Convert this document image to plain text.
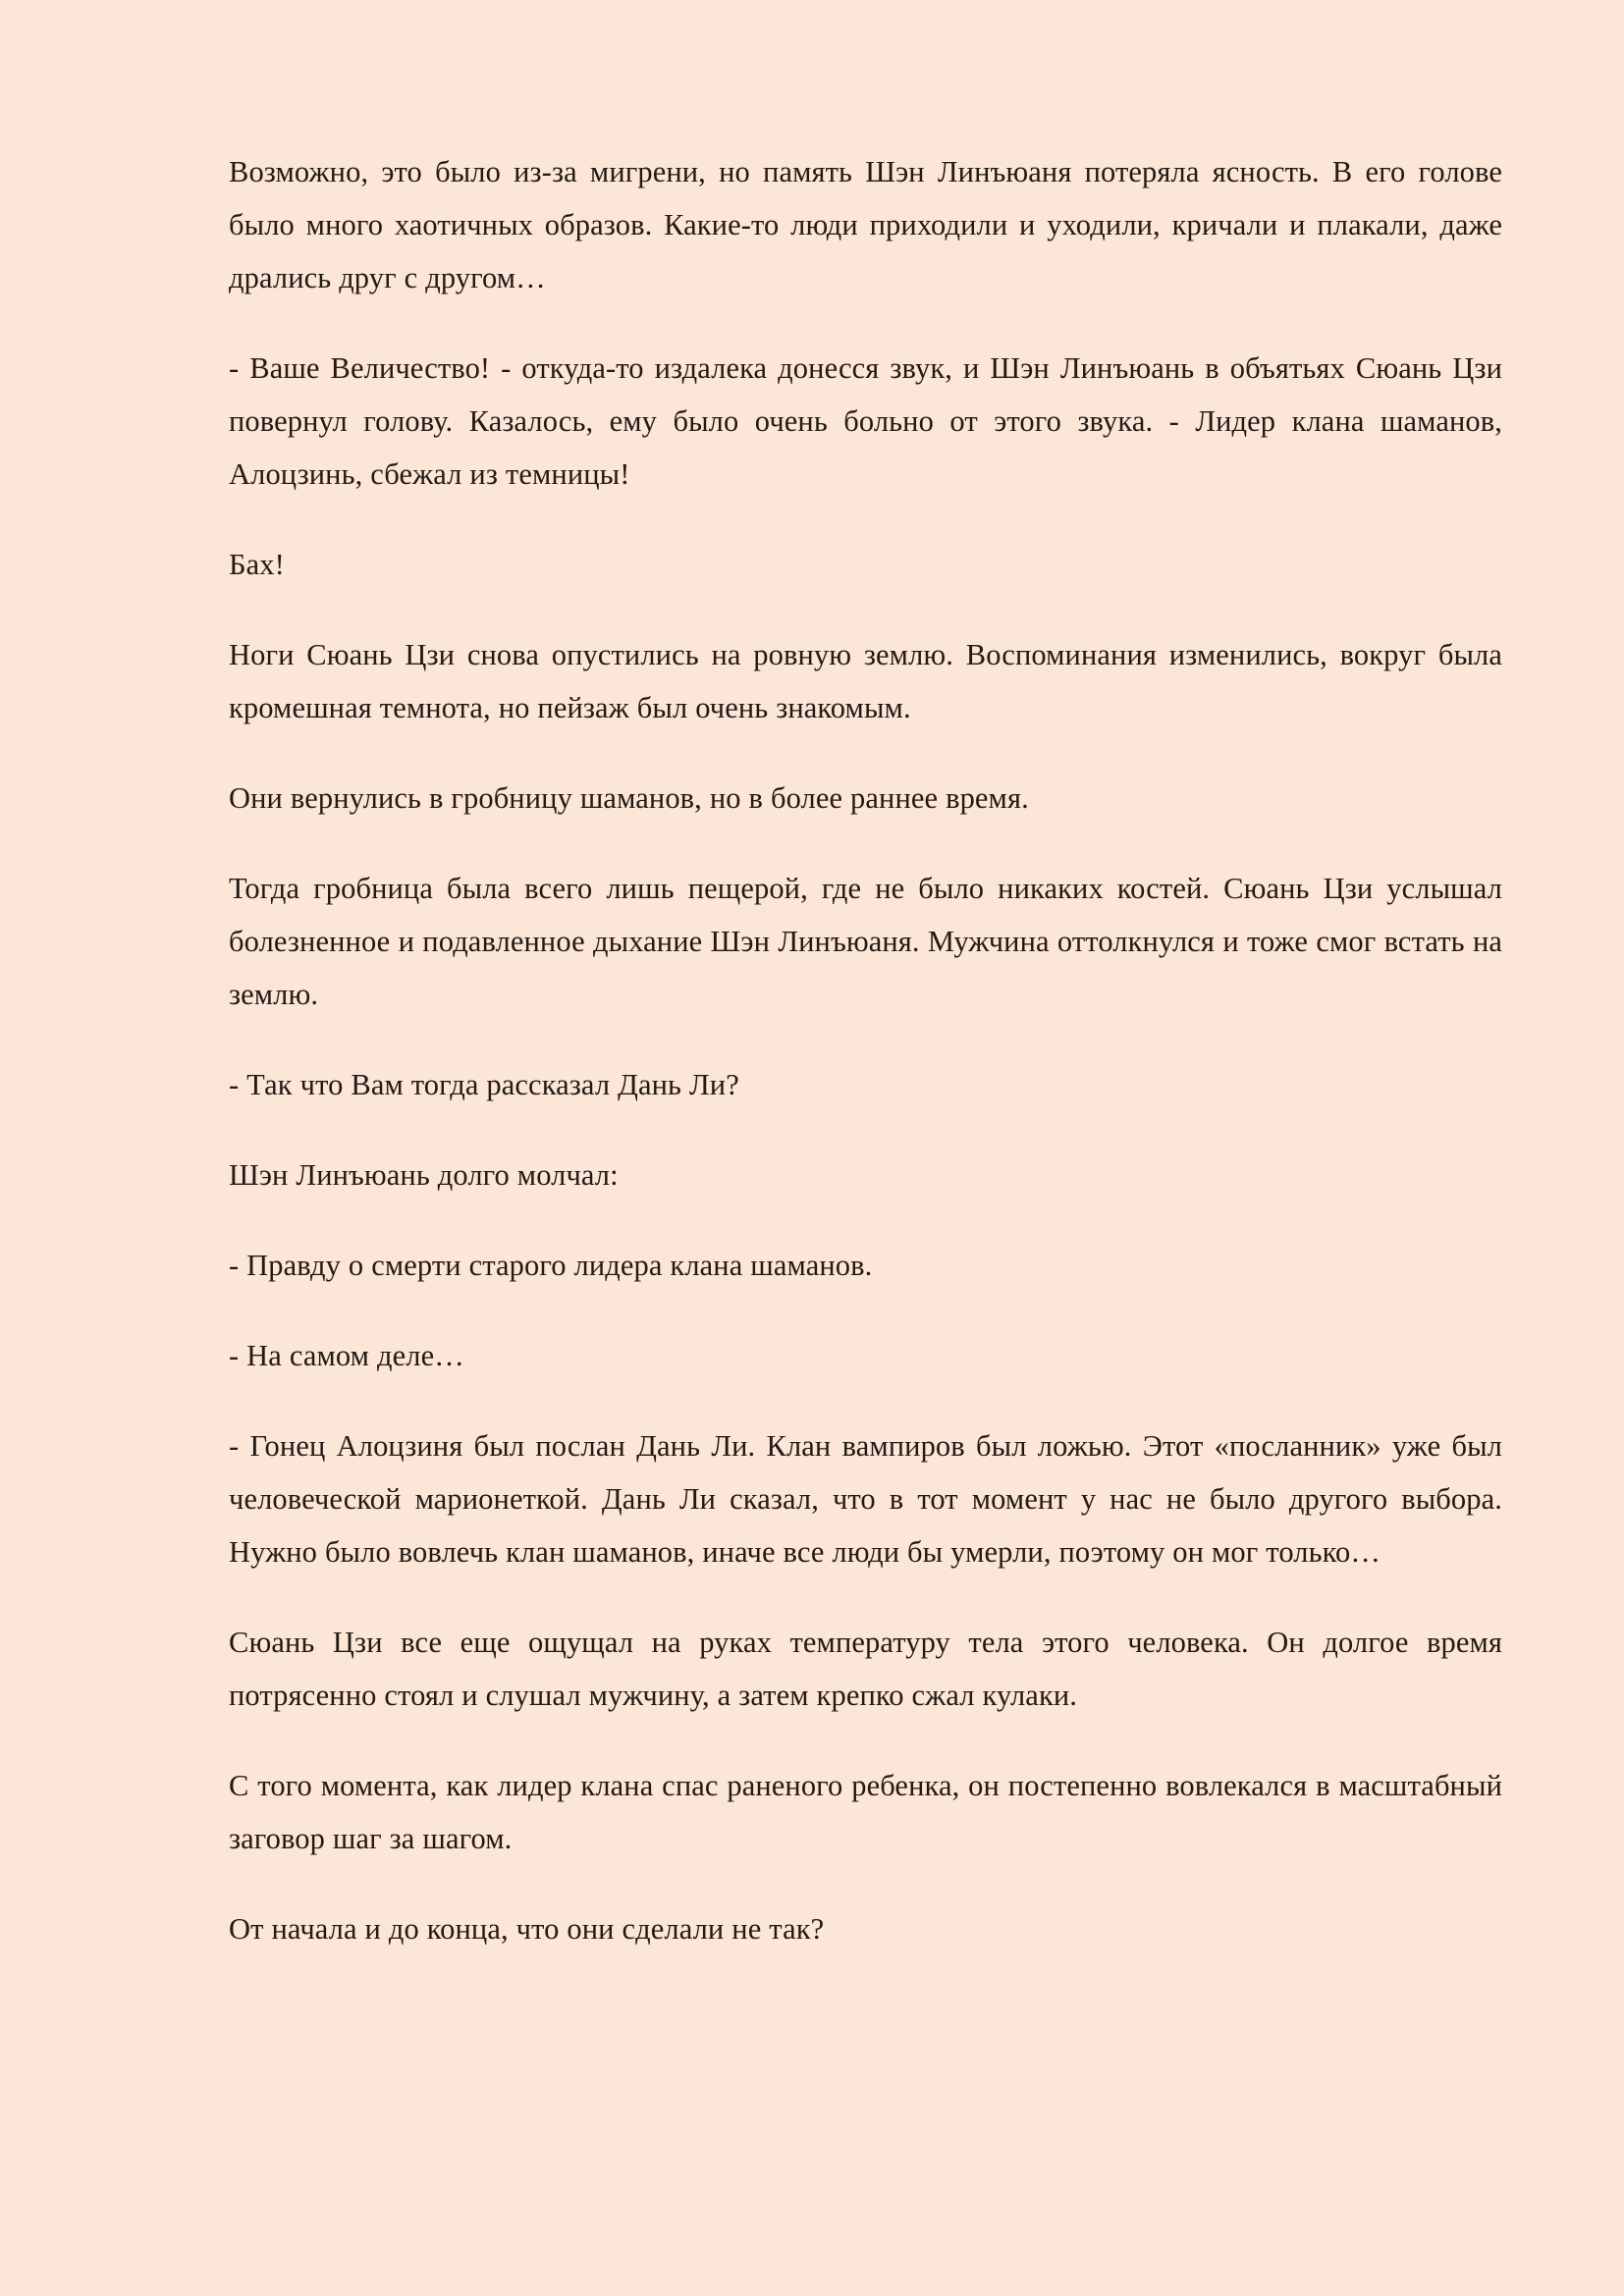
Возможно, это было из-за мигрени, но память Шэн Линъюаня потеряла ясность. В его голове было много хаотичных образов. Какие-то люди приходили и уходили, кричали и плакали, даже дрались друг с другом…

- Ваше Величество! - откуда-то издалека донесся звук, и Шэн Линъюань в объятьях Сюань Цзи повернул голову. Казалось, ему было очень больно от этого звука. - Лидер клана шаманов, Алоцзинь, сбежал из темницы!

Бах!

Ноги Сюань Цзи снова опустились на ровную землю. Воспоминания изменились, вокруг была кромешная темнота, но пейзаж был очень знакомым.

Они вернулись в гробницу шаманов, но в более раннее время.

Тогда гробница была всего лишь пещерой, где не было никаких костей. Сюань Цзи услышал болезненное и подавленное дыхание Шэн Линъюаня. Мужчина оттолкнулся и тоже смог встать на землю.

- Так что Вам тогда рассказал Дань Ли?

Шэн Линъюань долго молчал:

- Правду о смерти старого лидера клана шаманов.

- На самом деле…

- Гонец Алоцзиня был послан Дань Ли. Клан вампиров был ложью. Этот «посланник» уже был человеческой марионеткой. Дань Ли сказал, что в тот момент у нас не было другого выбора. Нужно было вовлечь клан шаманов, иначе все люди бы умерли, поэтому он мог только…

Сюань Цзи все еще ощущал на руках температуру тела этого человека. Он долгое время потрясенно стоял и слушал мужчину, а затем крепко сжал кулаки.

С того момента, как лидер клана спас раненого ребенка, он постепенно вовлекался в масштабный заговор шаг за шагом.

От начала и до конца, что они сделали не так?
